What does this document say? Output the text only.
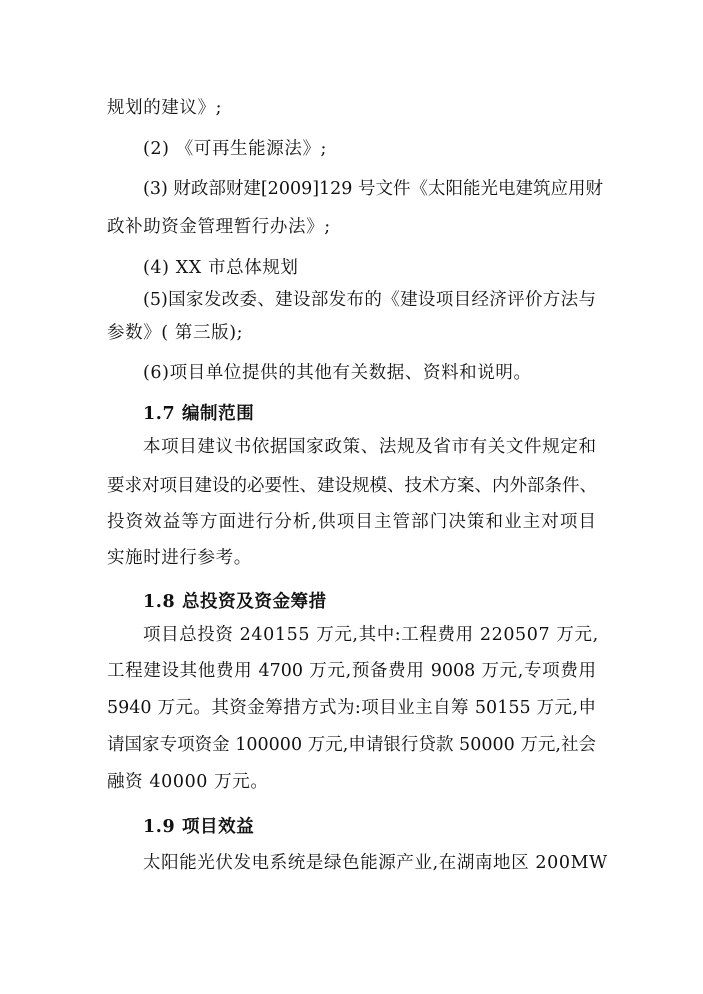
规划的建议》;
(2) 《可再生能源法》;
(3) 财政部财建[2009]129 号文件《太阳能光电建筑应用财
政补助资金管理暂行办法》;
(4) XX 市总体规划
(5)国家发改委、建设部发布的《建设项目经济评价方法与
参数》( 第三版);
(6)项目单位提供的其他有关数据、资料和说明。
1.7 编制范围
本项目建议书依据国家政策、法规及省市有关文件规定和
要求对项目建设的必要性、建设规模、技术方案、内外部条件、
投资效益等方面进行分析,供项目主管部门决策和业主对项目
实施时进行参考。
1.8 总投资及资金筹措
项目总投资 240155 万元,其中:工程费用 220507 万元,
工程建设其他费用 4700 万元,预备费用 9008 万元,专项费用
5940 万元。其资金筹措方式为:项目业主自筹 50155 万元,申
请国家专项资金 100000 万元,申请银行贷款 50000 万元,社会
融资 40000 万元。
1.9 项目效益
太阳能光伏发电系统是绿色能源产业,在湖南地区 200MW
